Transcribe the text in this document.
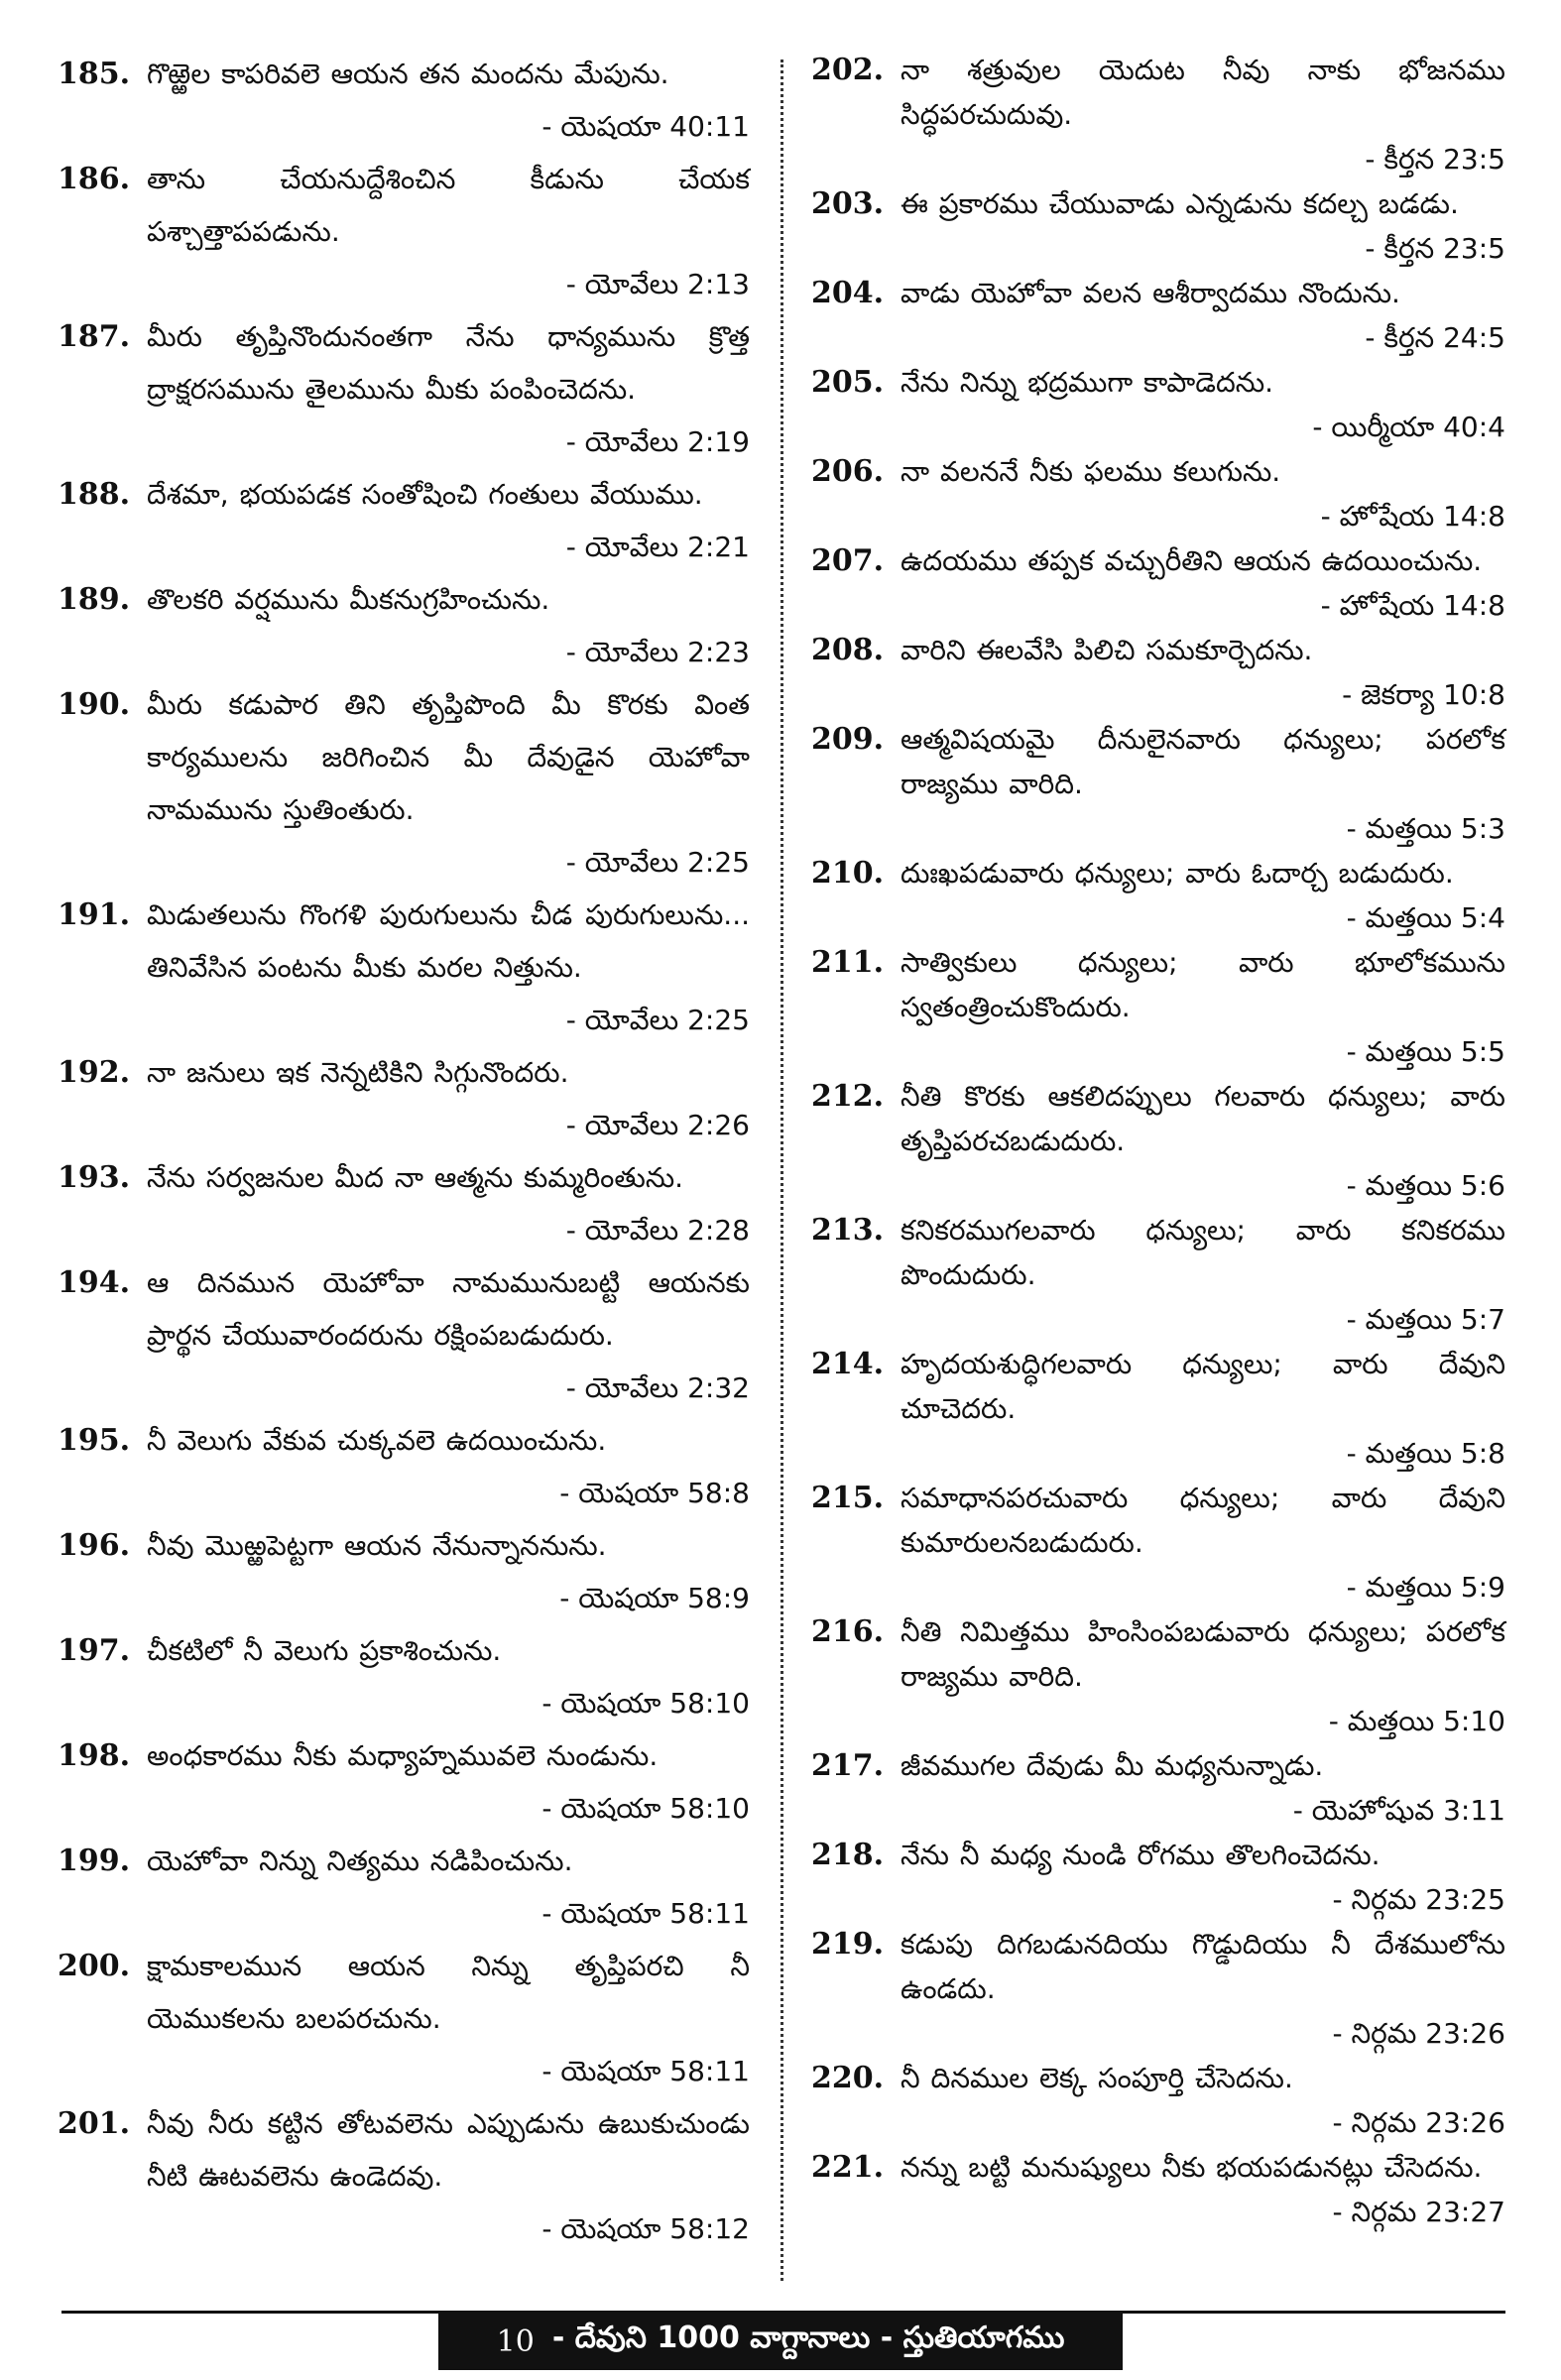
185. గొఱ్ఱెల కాపరివలె ఆయన తన మందను మేపును.
- యెషయా 40:11
186. తాను చేయనుద్దేశించిన కీడును చేయక పశ్చాత్తాపపడును.
- యోవేలు 2:13
187. మీరు తృప్తినొందునంతగా నేను ధాన్యమును క్రొత్త ద్రాక్షరసమును తైలమును మీకు పంపించెదను.
- యోవేలు 2:19
188. దేశమా, భయపడక సంతోషించి గంతులు వేయుము.
- యోవేలు 2:21
189. తొలకరి వర్షమును మీకనుగ్రహించును.
- యోవేలు 2:23
190. మీరు కడుపార తిని తృప్తిపొంది మీ కొరకు వింత కార్యములను జరిగించిన మీ దేవుడైన యెహోవా నామమును స్తుతింతురు.
- యోవేలు 2:25
191. మిడుతలును గొంగళి పురుగులును చీడ పురుగులును... తినివేసిన పంటను మీకు మరల నిత్తును.
- యోవేలు 2:25
192. నా జనులు ఇక నెన్నటికిని సిగ్గునొందరు.
- యోవేలు 2:26
193. నేను సర్వజనుల మీద నా ఆత్మను కుమ్మరింతును.
- యోవేలు 2:28
194. ఆ దినమున యెహోవా నామమునుబట్టి ఆయనకు ప్రార్థన చేయువారందరును రక్షింపబడుదురు.
- యోవేలు 2:32
195. నీ వెలుగు వేకువ చుక్కవలె ఉదయించును.
- యెషయా 58:8
196. నీవు మొఱ్ఱపెట్టగా ఆయన నేనున్నాననును.
- యెషయా 58:9
197. చీకటిలో నీ వెలుగు ప్రకాశించును.
- యెషయా 58:10
198. అంధకారము నీకు మధ్యాహ్నమువలె నుండును.
- యెషయా 58:10
199. యెహోవా నిన్ను నిత్యము నడిపించును.
- యెషయా 58:11
200. క్షామకాలమున ఆయన నిన్ను తృప్తిపరచి నీ యెముకలను బలపరచును.
- యెషయా 58:11
201. నీవు నీరు కట్టిన తోటవలెను ఎప్పుడును ఉబుకుచుండు నీటి ఊటవలెను ఉండెదవు.
- యెషయా 58:12
202. నా శత్రువుల యెదుట నీవు నాకు భోజనము సిద్ధపరచుదువు.
- కీర్తన 23:5
203. ఈ ప్రకారము చేయువాడు ఎన్నడును కదల్చ బడడు.
- కీర్తన 23:5
204. వాడు యెహోవా వలన ఆశీర్వాదము నొందును.
- కీర్తన 24:5
205. నేను నిన్ను భద్రముగా కాపాడెదను.
- యిర్మీయా 40:4
206. నా వలననే నీకు ఫలము కలుగును.
- హోషేయ 14:8
207. ఉదయము తప్పక వచ్చురీతిని ఆయన ఉదయించును.
- హోషేయ 14:8
208. వారిని ఈలవేసి పిలిచి సమకూర్చెదను.
- జెకర్యా 10:8
209. ఆత్మవిషయమై దీనులైనవారు ధన్యులు; పరలోక రాజ్యము వారిది.
- మత్తయి 5:3
210. దుఃఖపడువారు ధన్యులు; వారు ఓదార్చ బడుదురు.
- మత్తయి 5:4
211. సాత్వికులు ధన్యులు; వారు భూలోకమును స్వతంత్రించుకొందురు.
- మత్తయి 5:5
212. నీతి కొరకు ఆకలిదప్పులు గలవారు ధన్యులు; వారు తృప్తిపరచబడుదురు.
- మత్తయి 5:6
213. కనికరముగలవారు ధన్యులు; వారు కనికరము పొందుదురు.
- మత్తయి 5:7
214. హృదయశుద్ధిగలవారు ధన్యులు; వారు దేవుని చూచెదరు.
- మత్తయి 5:8
215. సమాధానపరచువారు ధన్యులు; వారు దేవుని కుమారులనబడుదురు.
- మత్తయి 5:9
216. నీతి నిమిత్తము హింసింపబడువారు ధన్యులు; పరలోక రాజ్యము వారిది.
- మత్తయి 5:10
217. జీవముగల దేవుడు మీ మధ్యనున్నాడు.
- యెహోషువ 3:11
218. నేను నీ మధ్య నుండి రోగము తొలగించెదను.
- నిర్గమ 23:25
219. కడుపు దిగబడునదియు గొడ్డుదియు నీ దేశములోను ఉండదు.
- నిర్గమ 23:26
220. నీ దినముల లెక్క సంపూర్తి చేసెదను.
- నిర్గమ 23:26
221. నన్ను బట్టి మనుష్యులు నీకు భయపడునట్లు చేసెదను.
- నిర్గమ 23:27
10 - దేవుని 1000 వాగ్దానాలు - స్తుతియాగము
